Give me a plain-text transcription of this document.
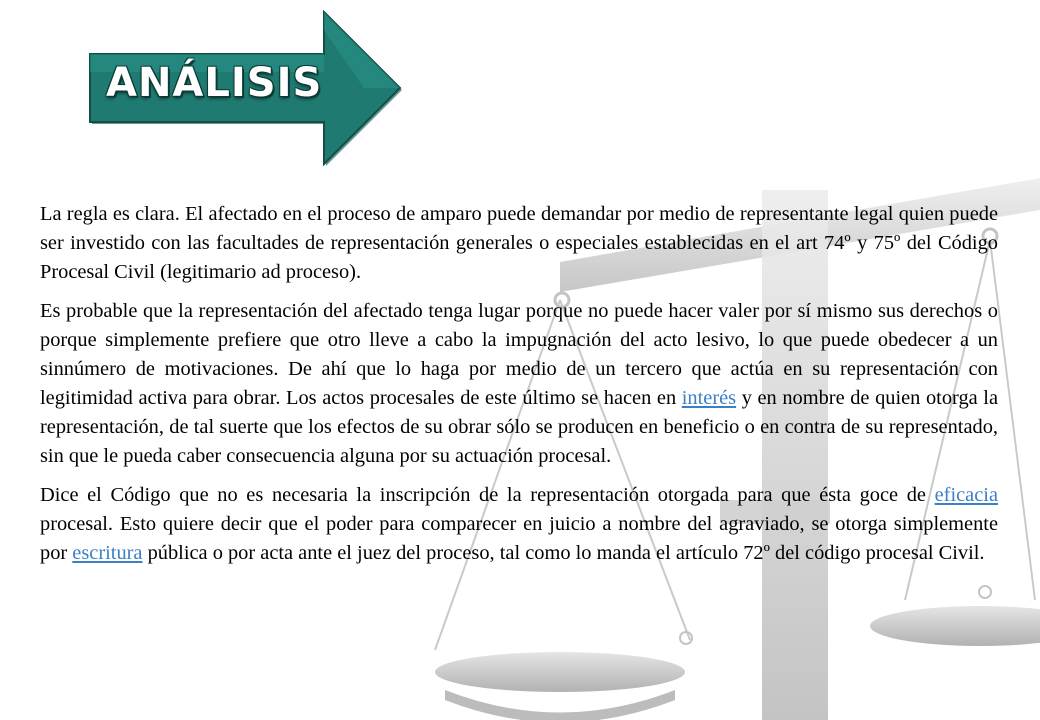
ANÁLISIS

La regla es clara. El afectado en el proceso de amparo puede demandar por medio de representante legal quien puede ser investido con las facultades de representación generales o especiales establecidas en el art 74º y 75º del Código Procesal Civil (legitimario ad proceso).

Es probable que la representación del afectado tenga lugar porque no puede hacer valer por sí mismo sus derechos o porque simplemente prefiere que otro lleve a cabo la impugnación del acto lesivo, lo que puede obedecer a un sinnúmero de motivaciones. De ahí que lo haga por medio de un tercero que actúa en su representación con legitimidad activa para obrar. Los actos procesales de este último se hacen en interés y en nombre de quien otorga la representación, de tal suerte que los efectos de su obrar sólo se producen en beneficio o en contra de su representado, sin que le pueda caber consecuencia alguna por su actuación procesal.

Dice el Código que no es necesaria la inscripción de la representación otorgada para que ésta goce de eficacia procesal. Esto quiere decir que el poder para comparecer en juicio a nombre del agraviado, se otorga simplemente por escritura pública o por acta ante el juez del proceso, tal como lo manda el artículo 72º del código procesal Civil.
